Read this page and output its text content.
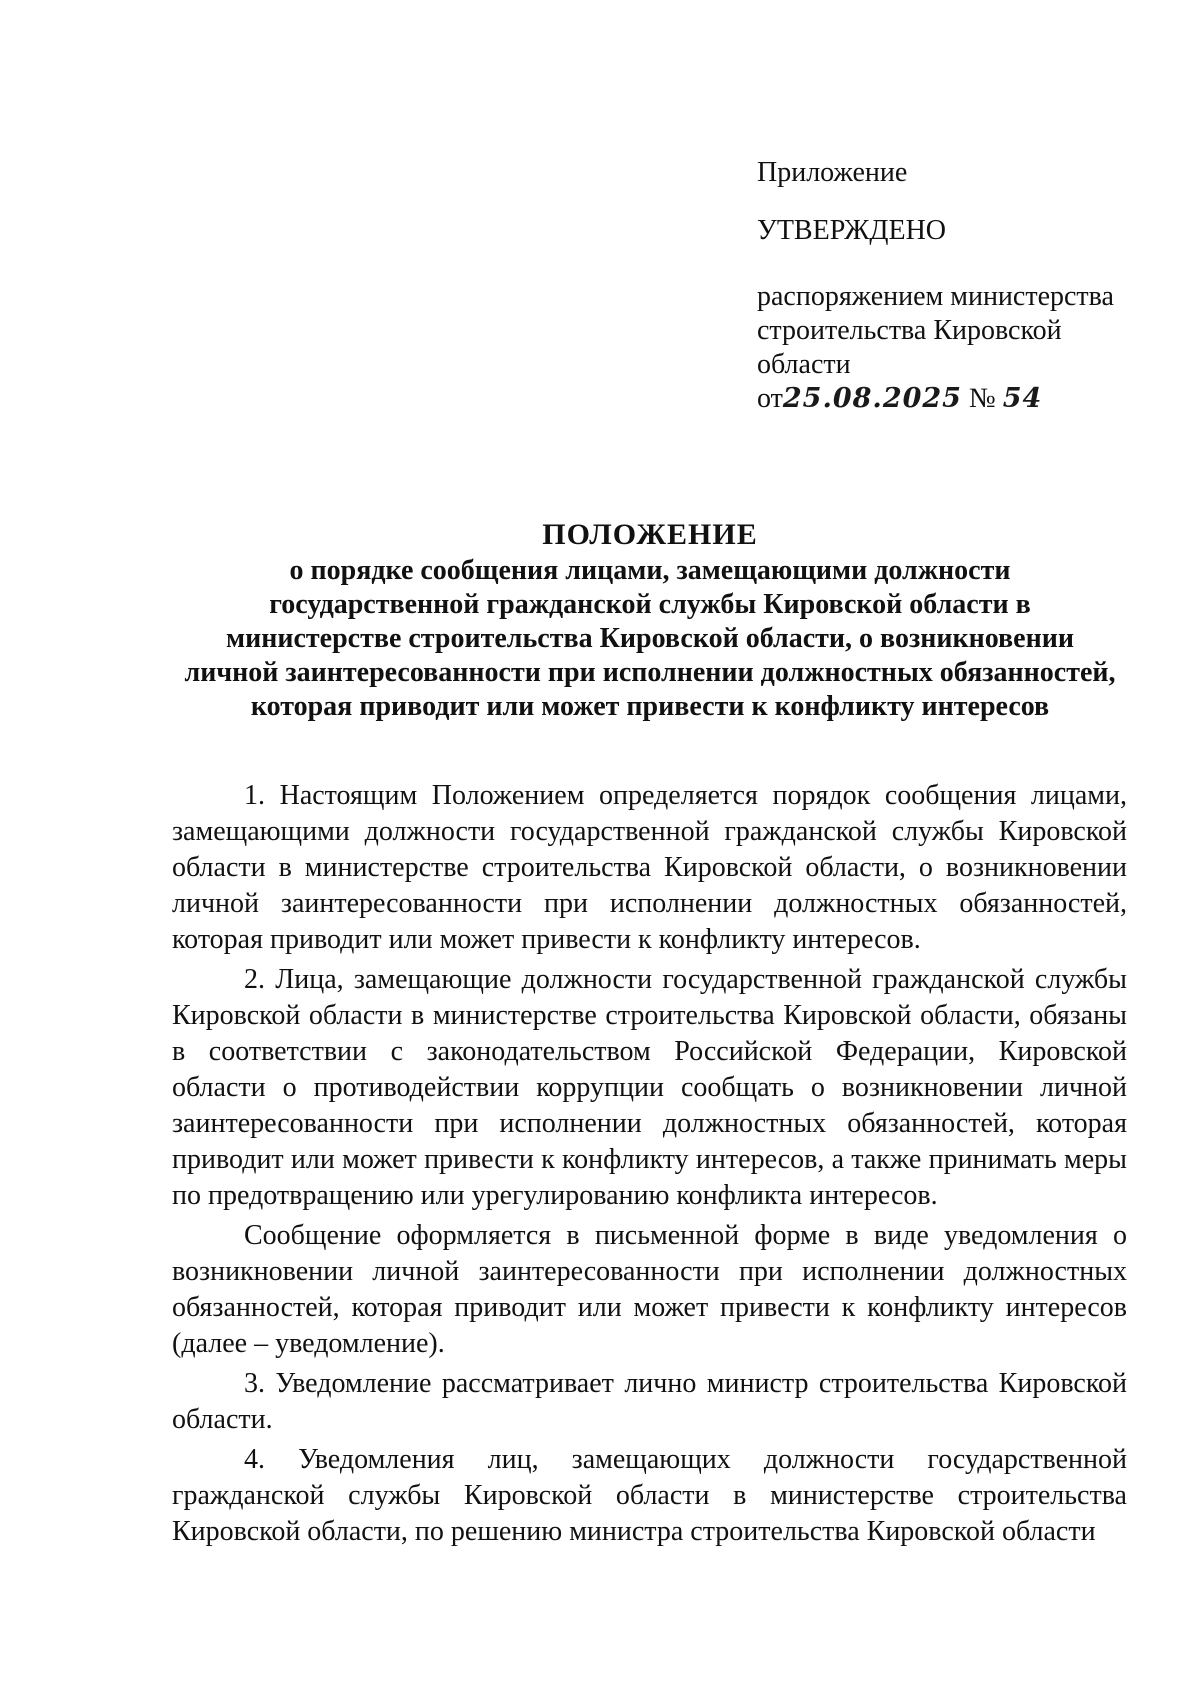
Приложение
УТВЕРЖДЕНО
распоряжением министерства
строительства Кировской
области
от25.08.2025 № 54
ПОЛОЖЕНИЕ
о порядке сообщения лицами, замещающими должности
государственной гражданской службы Кировской области в
министерстве строительства Кировской области, о возникновении
личной заинтересованности при исполнении должностных обязанностей,
которая приводит или может привести к конфликту интересов

1. Настоящим Положением определяется порядок сообщения лицами, замещающими должности государственной гражданской службы Кировской области в министерстве строительства Кировской области, о возникновении личной заинтересованности при исполнении должностных обязанностей, которая приводит или может привести к конфликту интересов.

2. Лица, замещающие должности государственной гражданской службы Кировской области в министерстве строительства Кировской области, обязаны в соответствии с законодательством Российской Федерации, Кировской области о противодействии коррупции сообщать о возникновении личной заинтересованности при исполнении должностных обязанностей, которая приводит или может привести к конфликту интересов, а также принимать меры по предотвращению или урегулированию конфликта интересов.

Сообщение оформляется в письменной форме в виде уведомления о возникновении личной заинтересованности при исполнении должностных обязанностей, которая приводит или может привести к конфликту интересов (далее – уведомление).

3. Уведомление рассматривает лично министр строительства Кировской области.

4. Уведомления лиц, замещающих должности государственной гражданской службы Кировской области в министерстве строительства Кировской области, по решению министра строительства Кировской области
